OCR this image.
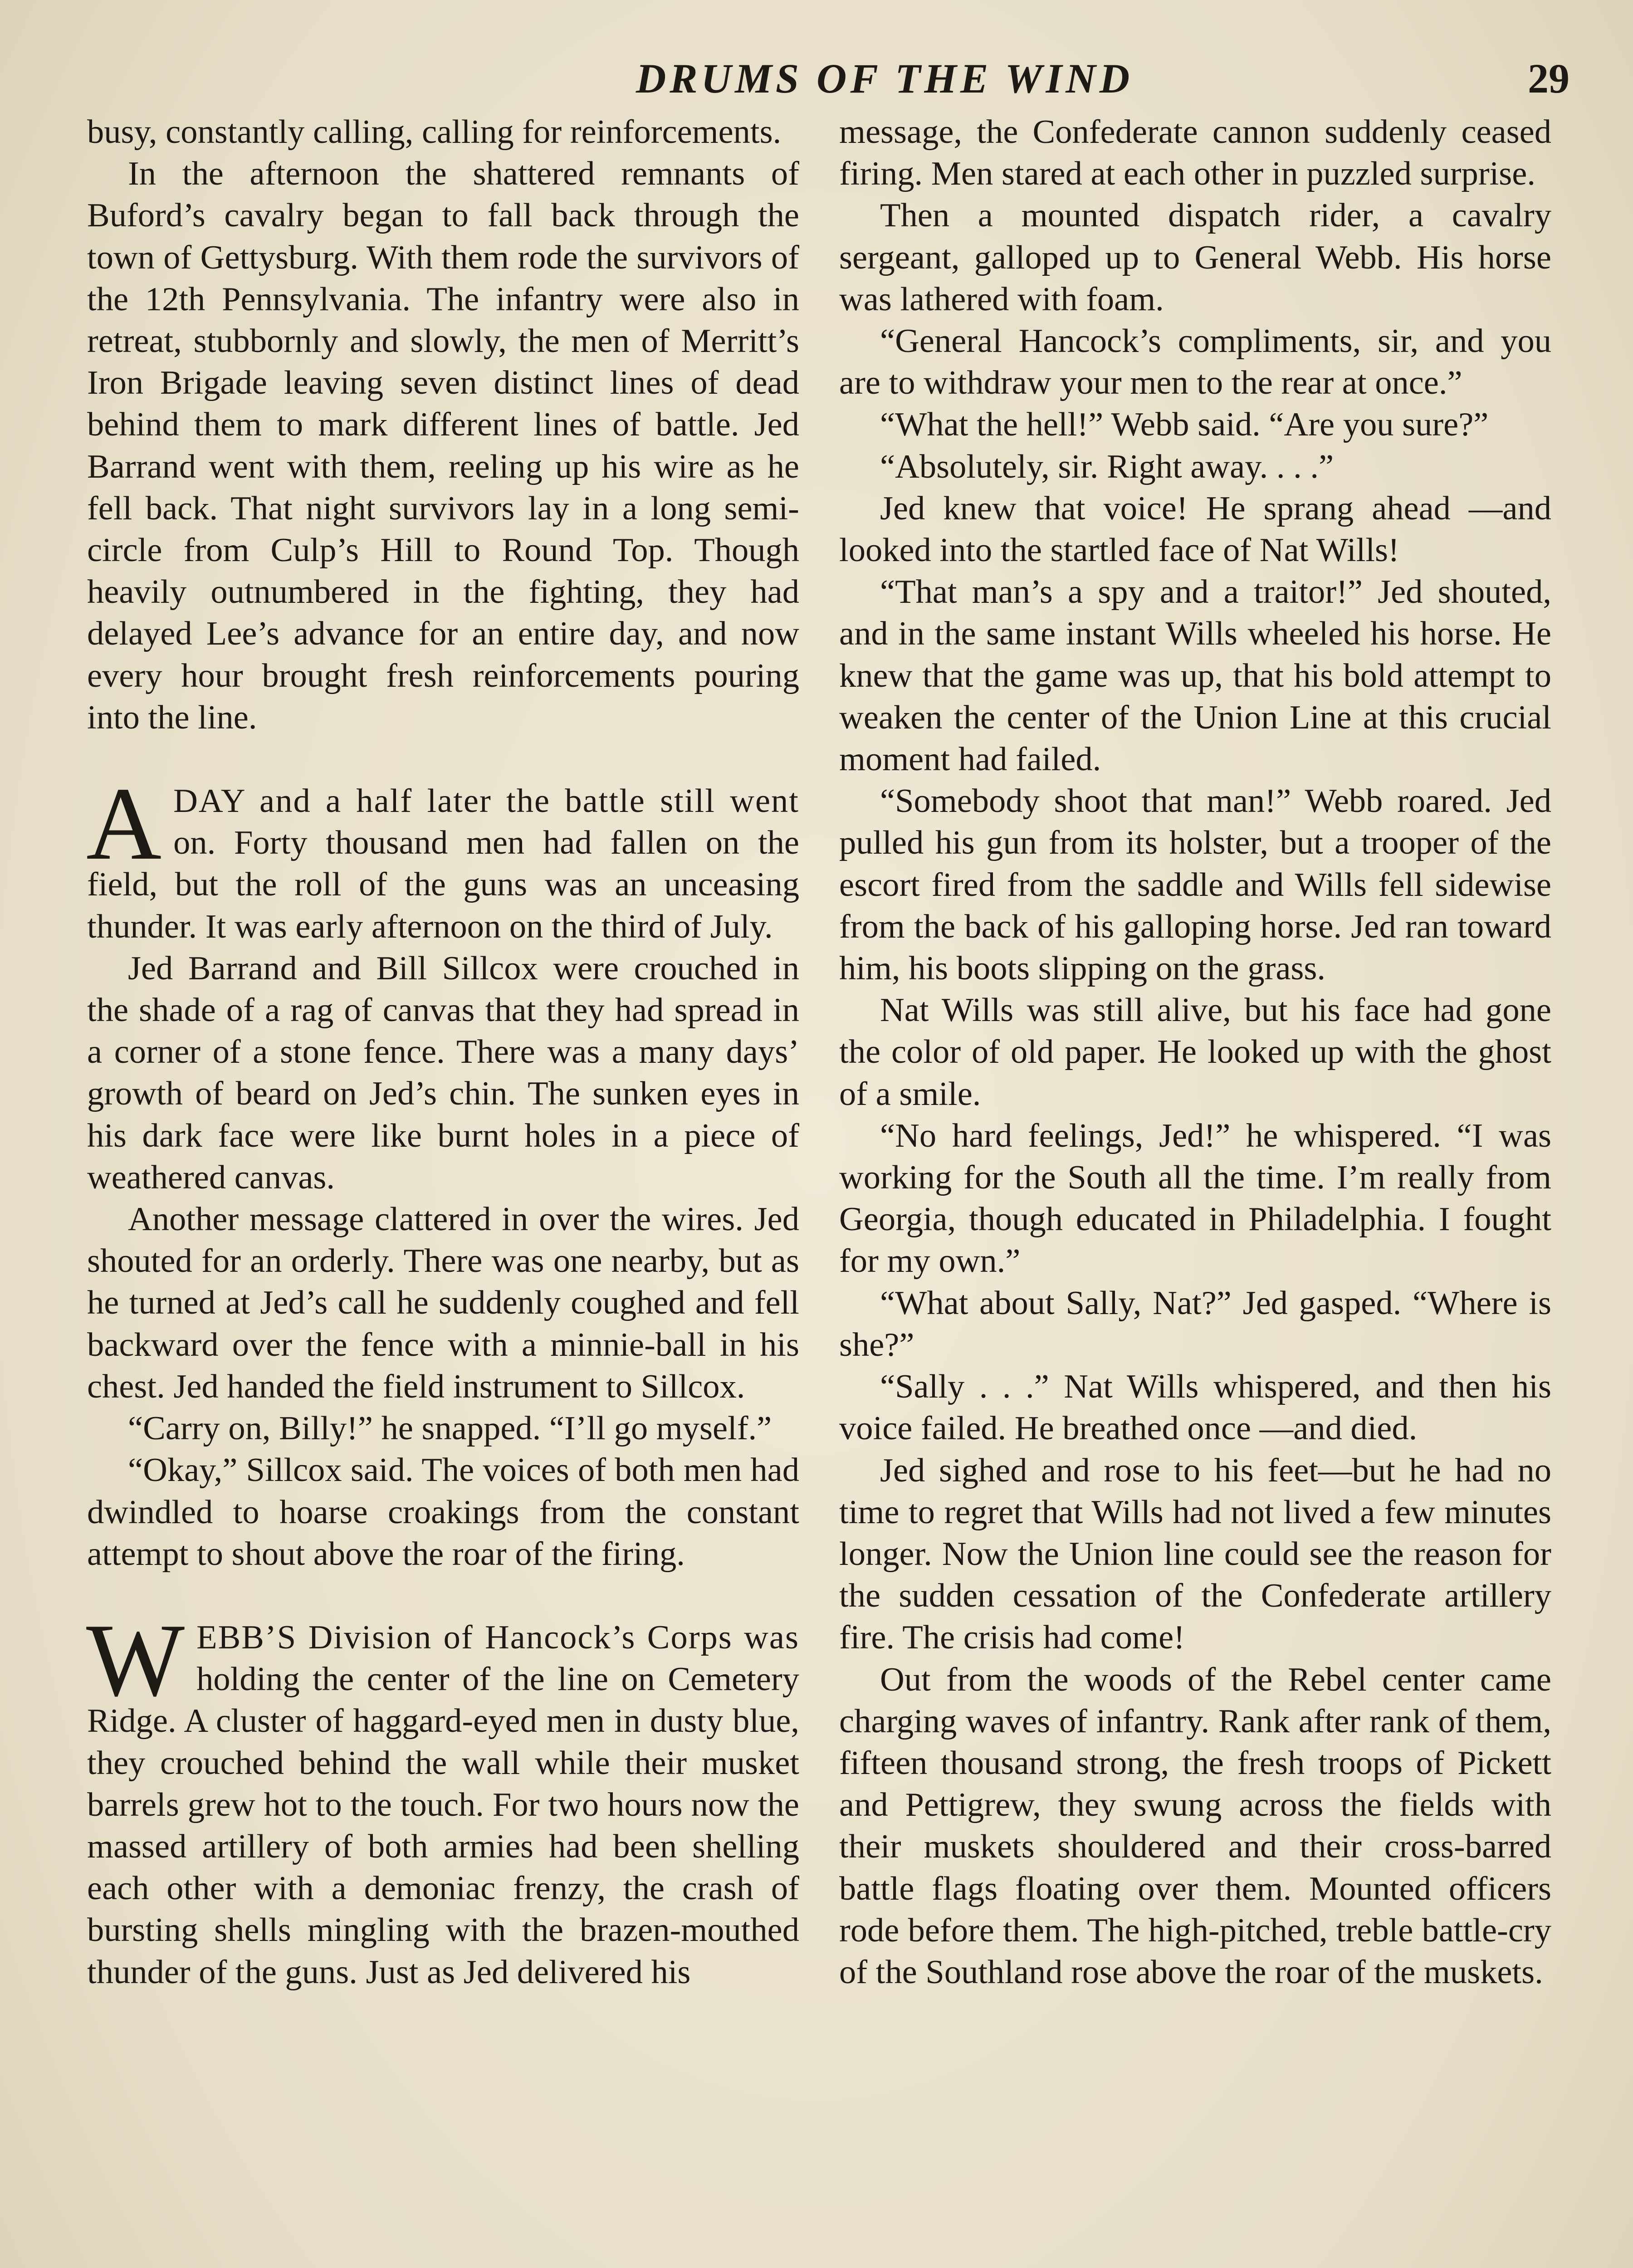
DRUMS OF THE WIND	29

busy, constantly calling, calling for reinforcements.

In the afternoon the shattered remnants of Buford’s cavalry began to fall back through the town of Gettysburg. With them rode the survivors of the 12th Pennsylvania. The infantry were also in retreat, stubbornly and slowly, the men of Merritt’s Iron Brigade leaving seven distinct lines of dead behind them to mark different lines of battle. Jed Barrand went with them, reeling up his wire as he fell back. That night survivors lay in a long semi-circle from Culp’s Hill to Round Top. Though heavily outnumbered in the fighting, they had delayed Lee’s advance for an entire day, and now every hour brought fresh reinforcements pouring into the line.

ADAY and a half later the battle still went on. Forty thousand men had fallen on the field, but the roll of the guns was an unceasing thunder. It was early afternoon on the third of July.

Jed Barrand and Bill Sillcox were crouched in the shade of a rag of canvas that they had spread in a corner of a stone fence. There was a many days’ growth of beard on Jed’s chin. The sunken eyes in his dark face were like burnt holes in a piece of weathered canvas.

Another message clattered in over the wires. Jed shouted for an orderly. There was one nearby, but as he turned at Jed’s call he suddenly coughed and fell backward over the fence with a minnie-ball in his chest. Jed handed the field instrument to Sillcox.

“Carry on, Billy!” he snapped. “I’ll go myself.”

“Okay,” Sillcox said. The voices of both men had dwindled to hoarse croakings from the constant attempt to shout above the roar of the firing.

WEBB’S Division of Hancock’s Corps was holding the center of the line on Cemetery Ridge. A cluster of haggard-eyed men in dusty blue, they crouched behind the wall while their musket barrels grew hot to the touch. For two hours now the massed artillery of both armies had been shelling each other with a demoniac frenzy, the crash of bursting shells mingling with the brazen-mouthed thunder of the guns. Just as Jed delivered his

message, the Confederate cannon suddenly ceased firing. Men stared at each other in puzzled surprise.

Then a mounted dispatch rider, a cavalry sergeant, galloped up to General Webb. His horse was lathered with foam.

“General Hancock’s compliments, sir, and you are to withdraw your men to the rear at once.”

“What the hell!” Webb said. “Are you sure?”

“Absolutely, sir. Right away. . . .”

Jed knew that voice! He sprang ahead —and looked into the startled face of Nat Wills!

“That man’s a spy and a traitor!” Jed shouted, and in the same instant Wills wheeled his horse. He knew that the game was up, that his bold attempt to weaken the center of the Union Line at this crucial moment had failed.

“Somebody shoot that man!” Webb roared. Jed pulled his gun from its holster, but a trooper of the escort fired from the saddle and Wills fell sidewise from the back of his galloping horse. Jed ran toward him, his boots slipping on the grass.

Nat Wills was still alive, but his face had gone the color of old paper. He looked up with the ghost of a smile.

“No hard feelings, Jed!” he whispered. “I was working for the South all the time. I’m really from Georgia, though educated in Philadelphia. I fought for my own.”

“What about Sally, Nat?” Jed gasped. “Where is she?”

“Sally . . .” Nat Wills whispered, and then his voice failed. He breathed once —and died.

Jed sighed and rose to his feet—but he had no time to regret that Wills had not lived a few minutes longer. Now the Union line could see the reason for the sudden cessation of the Confederate artillery fire. The crisis had come!

Out from the woods of the Rebel center came charging waves of infantry. Rank after rank of them, fifteen thousand strong, the fresh troops of Pickett and Pettigrew, they swung across the fields with their muskets shouldered and their cross-barred battle flags floating over them. Mounted officers rode before them. The high-pitched, treble battle-cry of the Southland rose above the roar of the muskets.
